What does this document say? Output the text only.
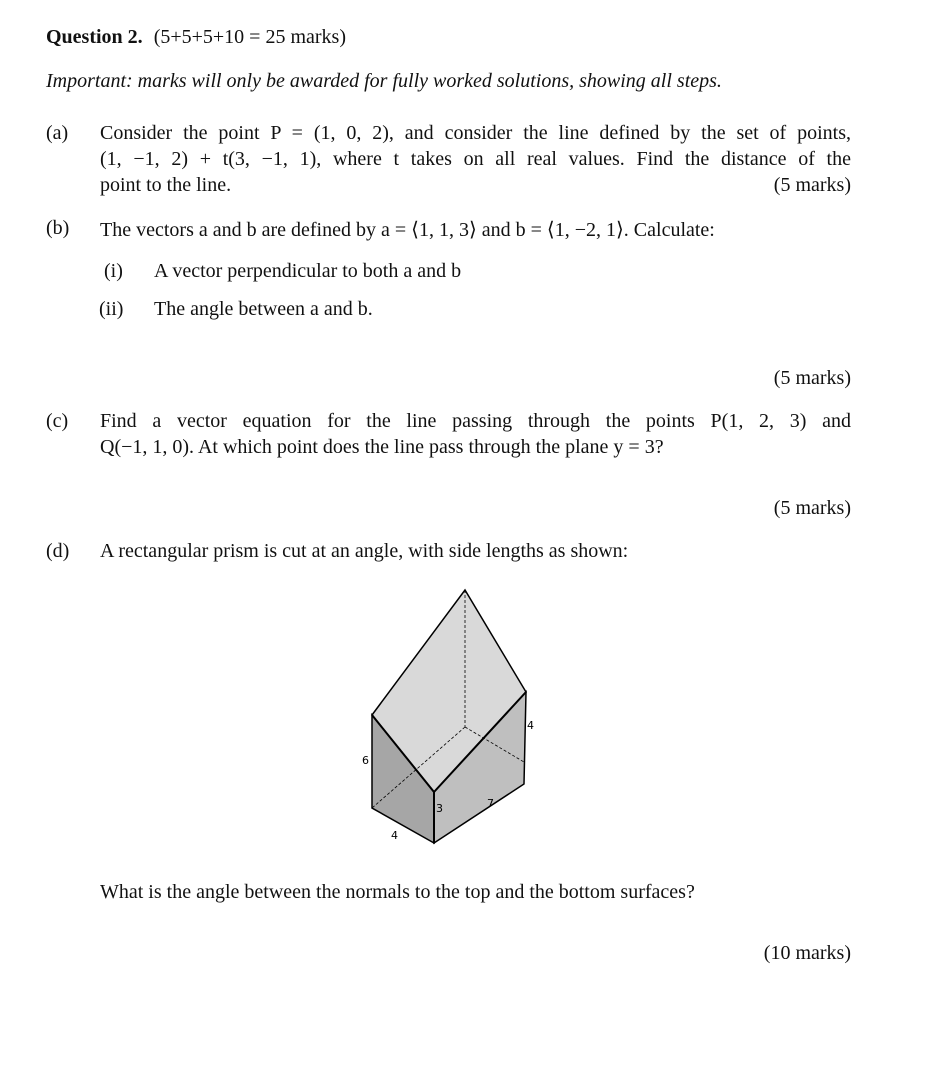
Question 2. (5+5+5+10 = 25 marks)
Important: marks will only be awarded for fully worked solutions, showing all steps.
(a) Consider the point P = (1, 0, 2), and consider the line defined by the set of points,
(1, −1, 2) + t(3, −1, 1), where t takes on all real values. Find the distance of the
point to the line.	(5 marks)
(b) The vectors a and b are defined by a = ⟨1, 1, 3⟩ and b = ⟨1, −2, 1⟩. Calculate:
(i) A vector perpendicular to both a and b
(ii) The angle between a and b.
(5 marks)
(c) Find a vector equation for the line passing through the points P(1, 2, 3) and
Q(−1, 1, 0). At which point does the line pass through the plane y = 3?
(5 marks)
(d) A rectangular prism is cut at an angle, with side lengths as shown:
6
3
4
4
7
What is the angle between the normals to the top and the bottom surfaces?
(10 marks)
